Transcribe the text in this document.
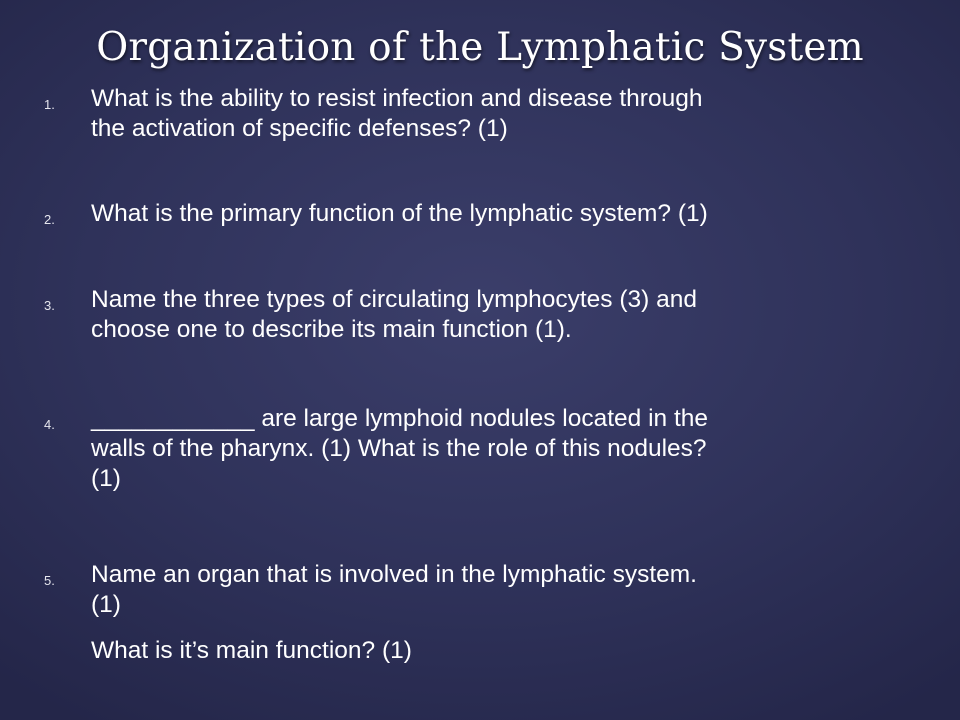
Organization of the Lymphatic System
1. What is the ability to resist infection and disease through
the activation of specific defenses? (1)

2. What is the primary function of the lymphatic system? (1)

3. Name the three types of circulating lymphocytes (3) and
choose one to describe its main function (1).

4. ____________ are large lymphoid nodules located in the
walls of the pharynx. (1) What is the role of this nodules?
(1)

5. Name an organ that is involved in the lymphatic system.
(1)

What is it’s main function? (1)
